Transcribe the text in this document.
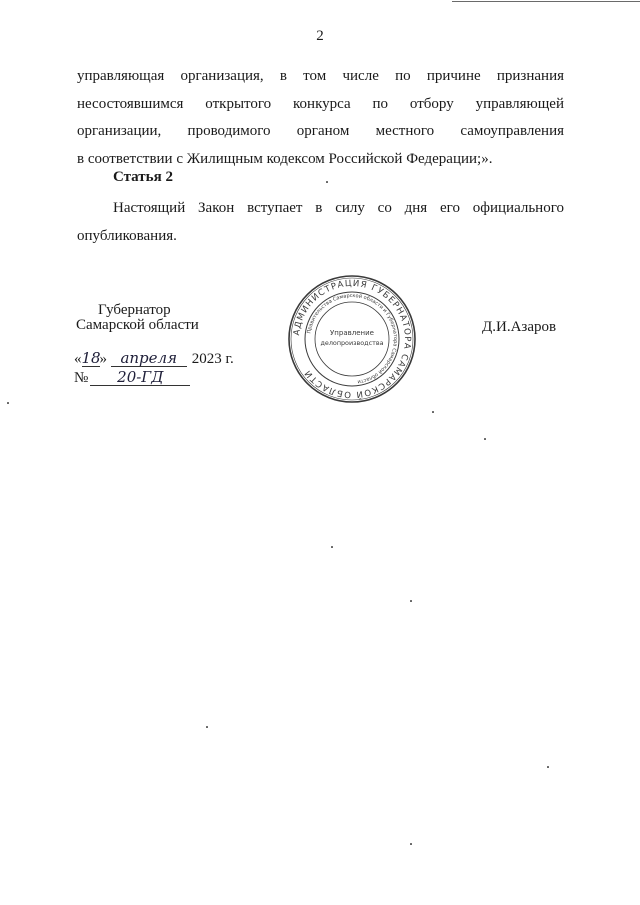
2
управляющая организация, в том числе по причине признания
несостоявшимся открытого конкурса по отбору управляющей
организации, проводимого органом местного самоуправления
в соответствии с Жилищным кодексом Российской Федерации;».
Статья 2
Настоящий Закон вступает в силу со дня его официального
опубликования.
Губернатор
Самарской области	Д.И.Азаров
АДМИНИСТРАЦИЯ ГУБЕРНАТОРА САМАРСКОЙ ОБЛАСТИ
Правительства Самарской области и Губернатора Самарской области
Управление
делопроизводства
«18» апреля 2023 г.
№ 20-ГД
